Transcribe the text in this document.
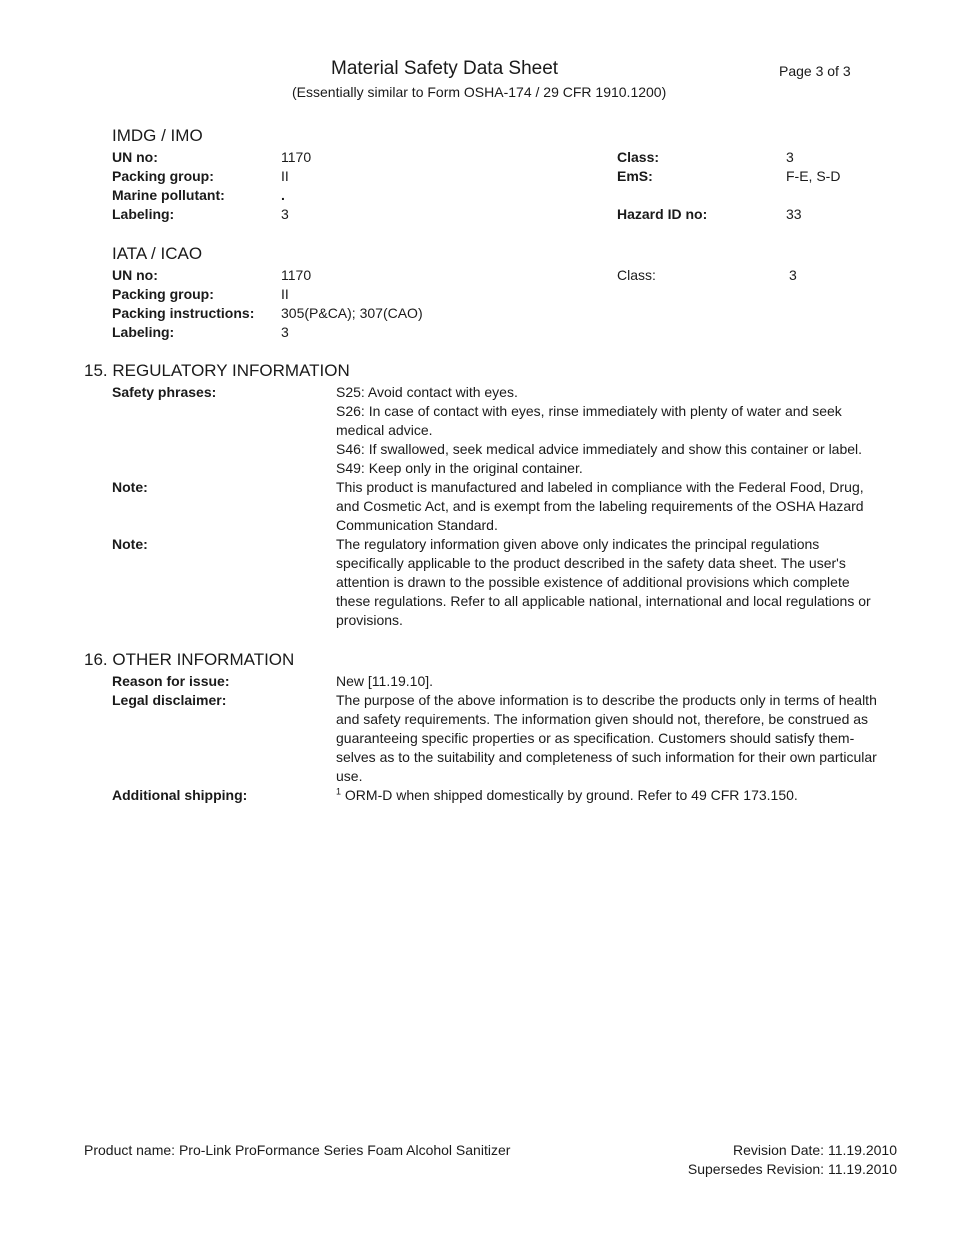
Material Safety Data Sheet	Page 3 of 3
(Essentially similar to Form OSHA-174 / 29 CFR 1910.1200)
IMDG / IMO
UN no:	1170	Class:	3
Packing group:	II	EmS:	F-E, S-D
Marine pollutant:	.
Labeling:	3	Hazard ID no:	33
IATA / ICAO
UN no:	1170	Class:	3
Packing group:	II
Packing instructions: 305(P&CA); 307(CAO)
Labeling:	3
15. REGULATORY INFORMATION
Safety phrases:	S25: Avoid contact with eyes.
S26: In case of contact with eyes, rinse immediately with plenty of water and seek
medical advice.
S46: If swallowed, seek medical advice immediately and show this container or label.
S49: Keep only in the original container.
Note:	This product is manufactured and labeled in compliance with the Federal Food, Drug,
and Cosmetic Act, and is exempt from the labeling requirements of the OSHA Hazard
Communication Standard.
Note:	The regulatory information given above only indicates the principal regulations
specifically applicable to the product described in the safety data sheet. The user's
attention is drawn to the possible existence of additional provisions which complete
these regulations. Refer to all applicable national, international and local regulations or
provisions.
16. OTHER INFORMATION
Reason for issue:	New [11.19.10].
Legal disclaimer:	The purpose of the above information is to describe the products only in terms of health
and safety requirements. The information given should not, therefore, be construed as
guaranteeing specific properties or as specification. Customers should satisfy them-
selves as to the suitability and completeness of such information for their own particular
use.
Additional shipping:	$^1$ ORM-D when shipped domestically by ground. Refer to 49 CFR 173.150.
Product name: Pro-Link ProFormance Series Foam Alcohol Sanitizer	Revision Date: 11.19.2010
Supersedes Revision: 11.19.2010
